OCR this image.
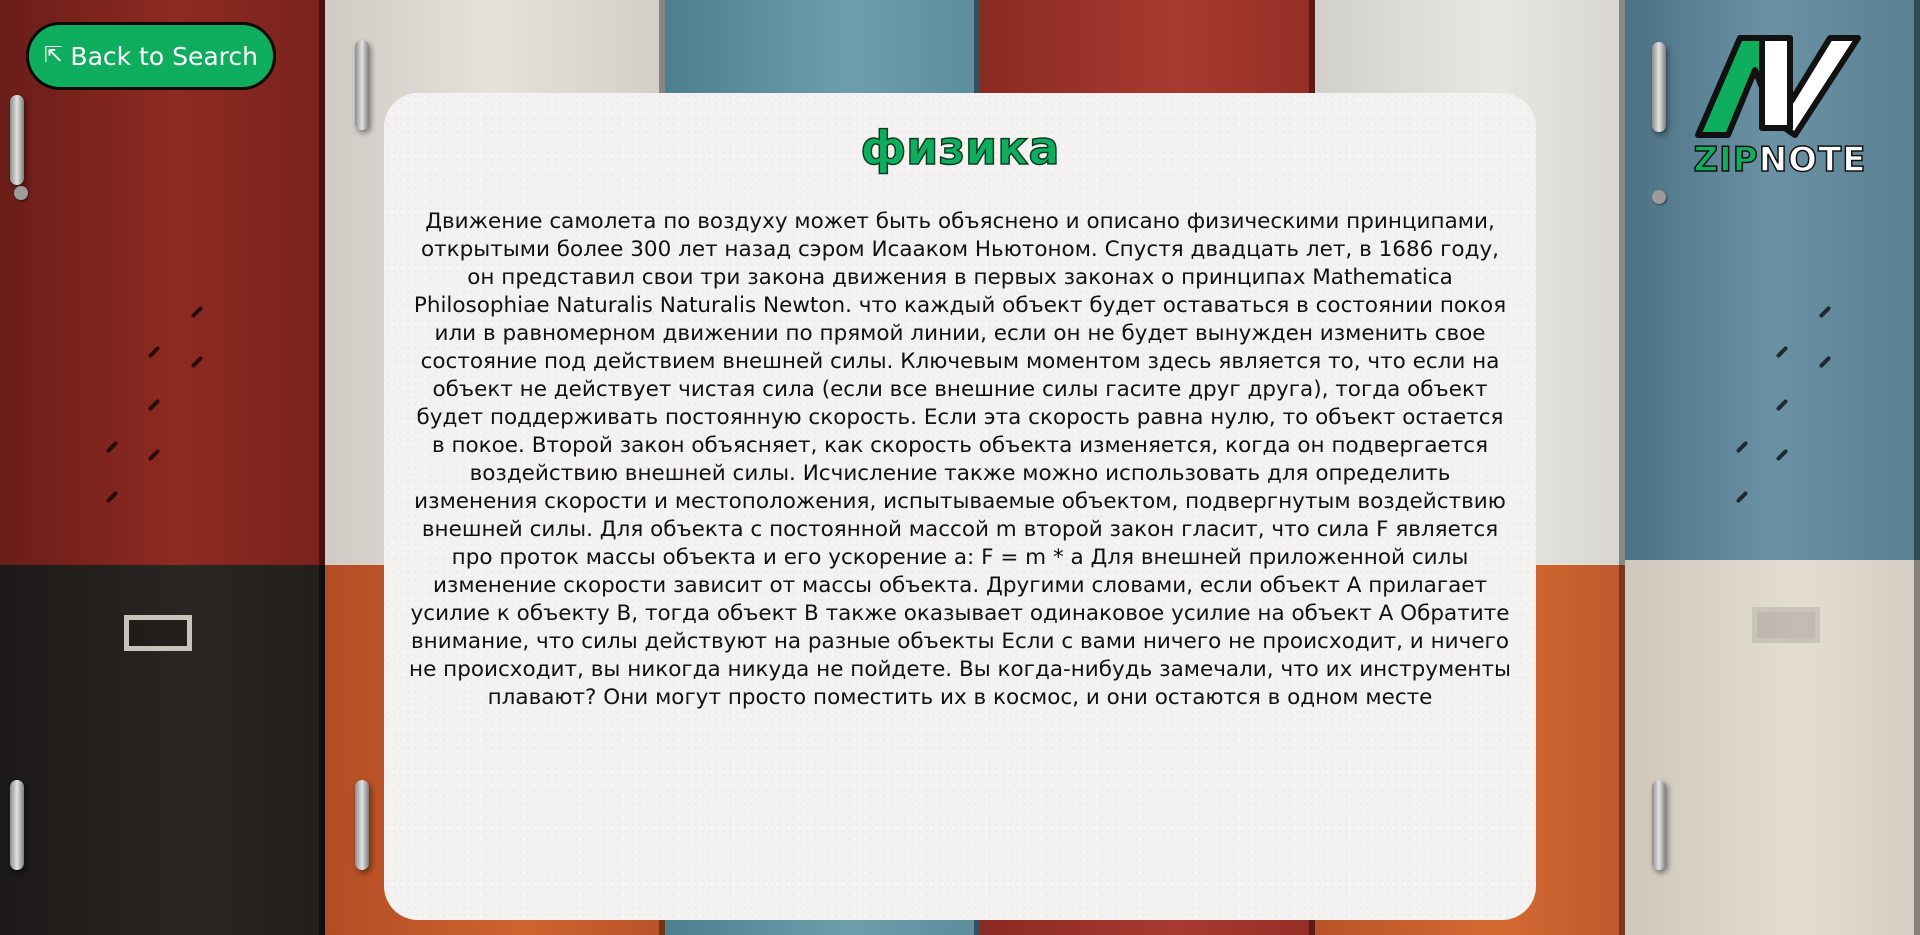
⇱ Back to Search
ZIPNOTE
физика

Движение самолета по воздуху может быть объяснено и описано физическими принципами, открытыми более 300 лет назад сэром Исааком Ньютоном. Спустя двадцать лет, в 1686 году, он представил свои три закона движения в первых законах о принципах Mathematica Philosophiae Naturalis Naturalis Newton. что каждый объект будет оставаться в состоянии покоя или в равномерном движении по прямой линии, если он не будет вынужден изменить свое состояние под действием внешней силы. Ключевым моментом здесь является то, что если на объект не действует чистая сила (если все внешние силы гасите друг друга), тогда объект будет поддерживать постоянную скорость. Если эта скорость равна нулю, то объект остается в покое. Второй закон объясняет, как скорость объекта изменяется, когда он подвергается воздействию внешней силы. Исчисление также можно использовать для определить изменения скорости и местоположения, испытываемые объектом, подвергнутым воздействию внешней силы. Для объекта с постоянной массой m второй закон гласит, что сила F является про проток массы объекта и его ускорение a: F = m * a Для внешней приложенной силы изменение скорости зависит от массы объекта. Другими словами, если объект A прилагает усилие к объекту B, тогда объект B также оказывает одинаковое усилие на объект A Обратите внимание, что силы действуют на разные объекты Если с вами ничего не происходит, и ничего не происходит, вы никогда никуда не пойдете. Вы когда-нибудь замечали, что их инструменты плавают? Они могут просто поместить их в космос, и они остаются в одном месте
